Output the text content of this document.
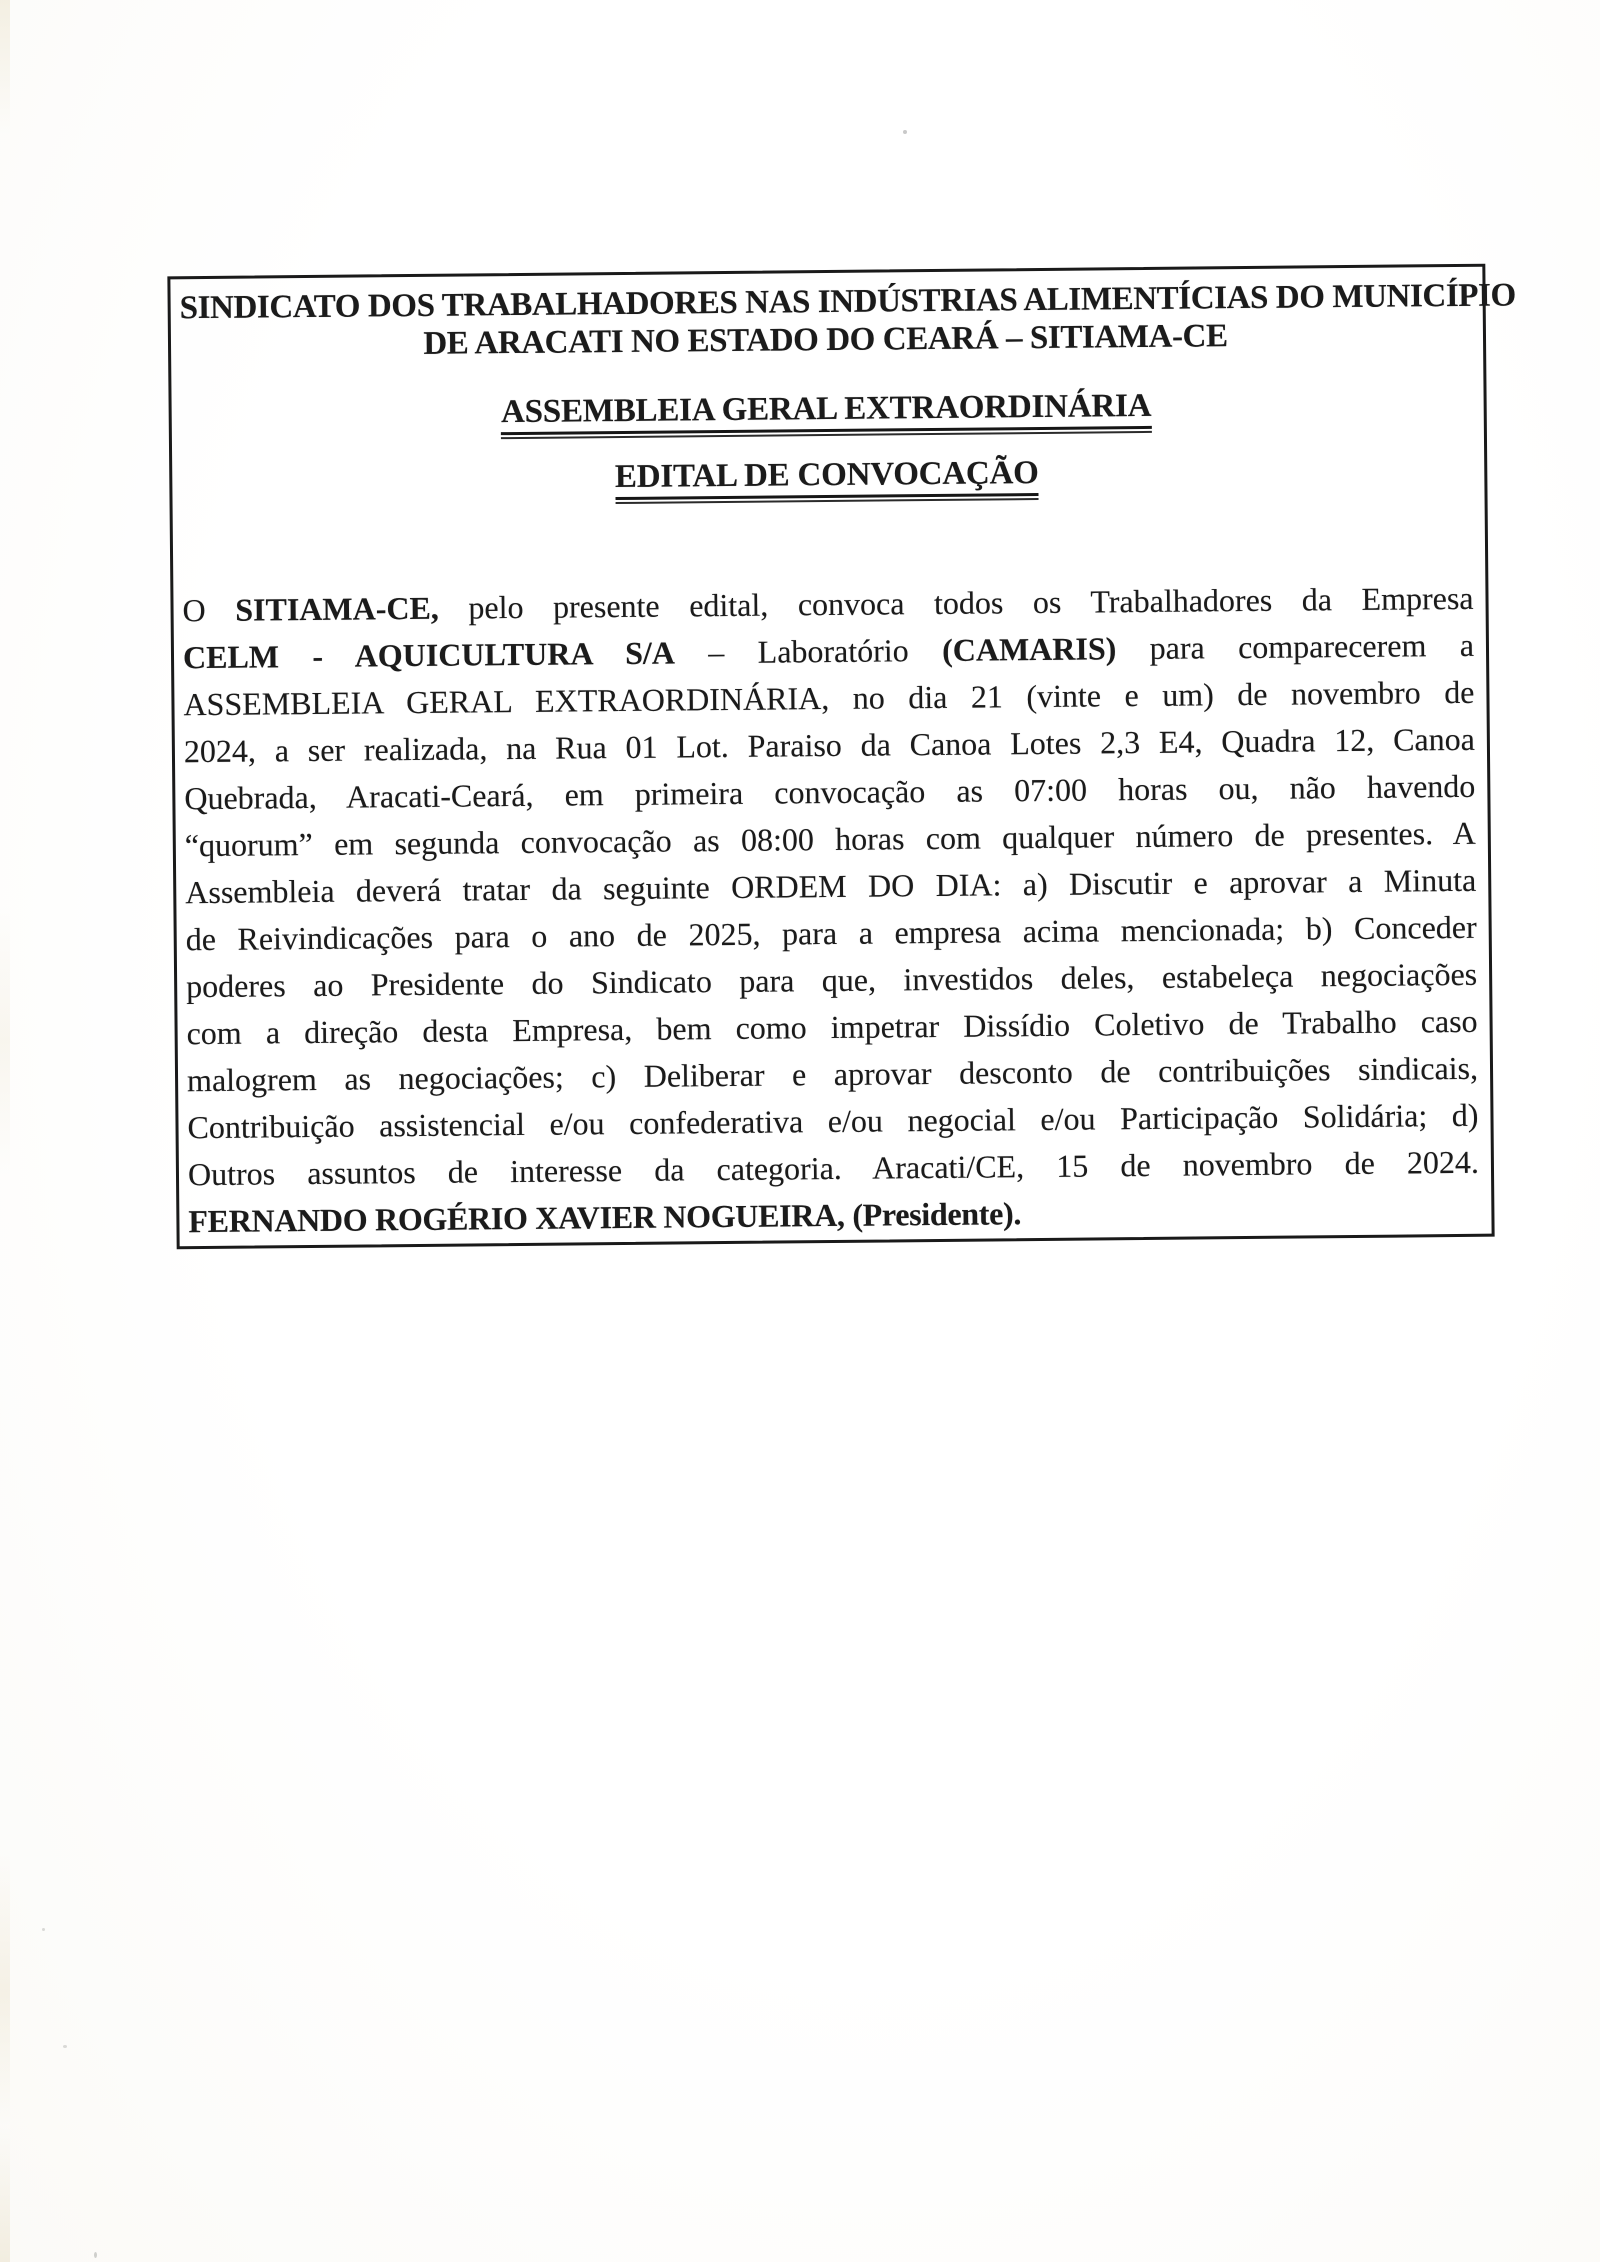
SINDICATO DOS TRABALHADORES NAS INDÚSTRIAS ALIMENTÍCIAS DO MUNICÍPIO
DE ARACATI NO ESTADO DO CEARÁ – SITIAMA-CE
ASSEMBLEIA GERAL EXTRAORDINÁRIA
EDITAL DE CONVOCAÇÃO
O SITIAMA-CE, pelo presente edital, convoca todos os Trabalhadores da Empresa
CELM - AQUICULTURA S/A – Laboratório (CAMARIS) para comparecerem a
ASSEMBLEIA GERAL EXTRAORDINÁRIA, no dia 21 (vinte e um) de novembro de
2024, a ser realizada, na Rua 01 Lot. Paraiso da Canoa Lotes 2,3 E4, Quadra 12, Canoa
Quebrada, Aracati-Ceará, em primeira convocação as 07:00 horas ou, não havendo
“quorum” em segunda convocação as 08:00 horas com qualquer número de presentes. A
Assembleia deverá tratar da seguinte ORDEM DO DIA: a) Discutir e aprovar a Minuta
de Reivindicações para o ano de 2025, para a empresa acima mencionada; b) Conceder
poderes ao Presidente do Sindicato para que, investidos deles, estabeleça negociações
com a direção desta Empresa, bem como impetrar Dissídio Coletivo de Trabalho caso
malogrem as negociações; c) Deliberar e aprovar desconto de contribuições sindicais,
Contribuição assistencial e/ou confederativa e/ou negocial e/ou Participação Solidária; d)
Outros assuntos de interesse da categoria. Aracati/CE, 15 de novembro de 2024.
FERNANDO ROGÉRIO XAVIER NOGUEIRA, (Presidente).
